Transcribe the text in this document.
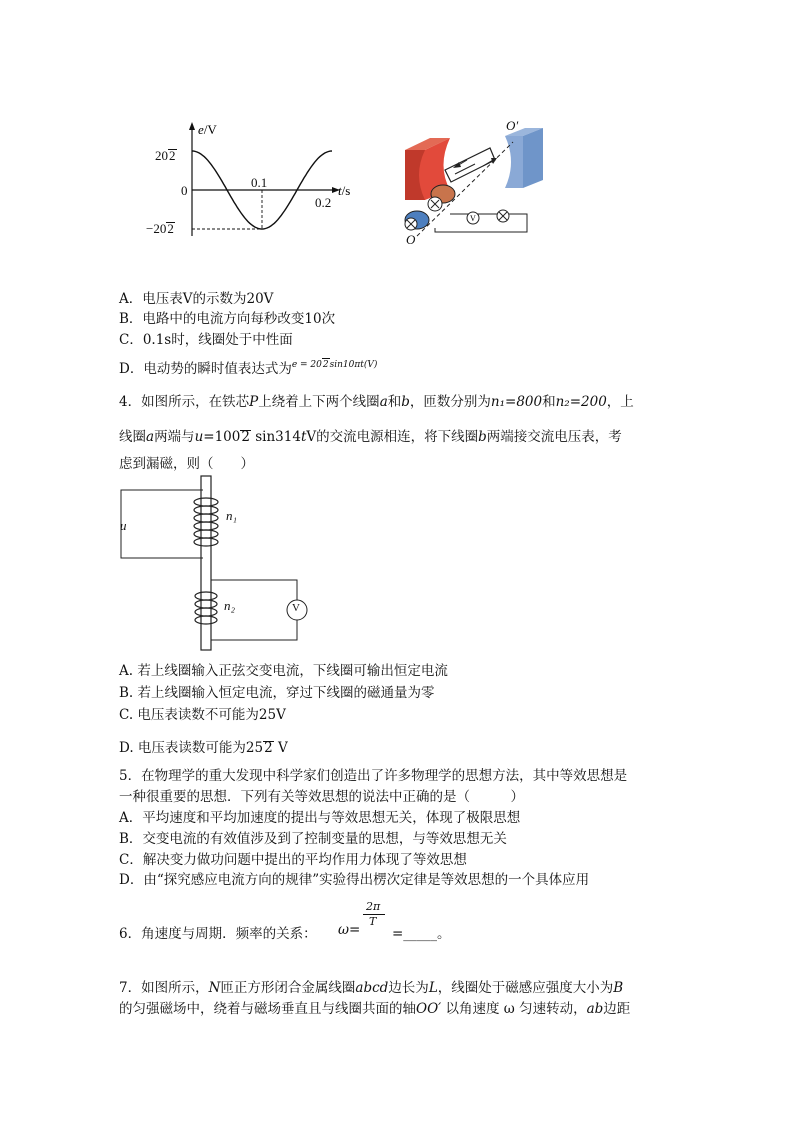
e/V
t/s
202
0
−202
0.1
0.2
V
O′
O
A．电压表V的示数为20V
B．电路中的电流方向每秒改变10次
C．0.1s时，线圈处于中性面
D．电动势的瞬时值表达式为$^{e = 202sin10\pi t(V)}$
4．如图所示，在铁芯P上绕着上下两个线圈a和b，匝数分别为n₁=800和n₂=200，上
线圈a两端与u=1002 sin314tV的交流电源相连，将下线圈b两端接交流电压表，考
虑到漏磁，则（　　）
u
n₁
n₂	V
A. 若上线圈输入正弦交变电流，下线圈可输出恒定电流
B. 若上线圈输入恒定电流，穿过下线圈的磁通量为零
C. 电压表读数不可能为25V
D. 电压表读数可能为252 V
5．在物理学的重大发现中科学家们创造出了许多物理学的思想方法，其中等效思想是
一种很重要的思想．下列有关等效思想的说法中正确的是（　　　）
A．平均速度和平均加速度的提出与等效思想无关，体现了极限思想
B．交变电流的有效值涉及到了控制变量的思想，与等效思想无关
C．解决变力做功问题中提出的平均作用力体现了等效思想
D．由“探究感应电流方向的规律”实验得出楞次定律是等效思想的一个具体应用
6．角速度与周期．频率的关系： ω=
2π
T
=_____。
7．如图所示，N匝正方形闭合金属线圈abcd边长为L，线圈处于磁感应强度大小为B
的匀强磁场中，绕着与磁场垂直且与线圈共面的轴OO′ 以角速度 ω 匀速转动，ab边距
